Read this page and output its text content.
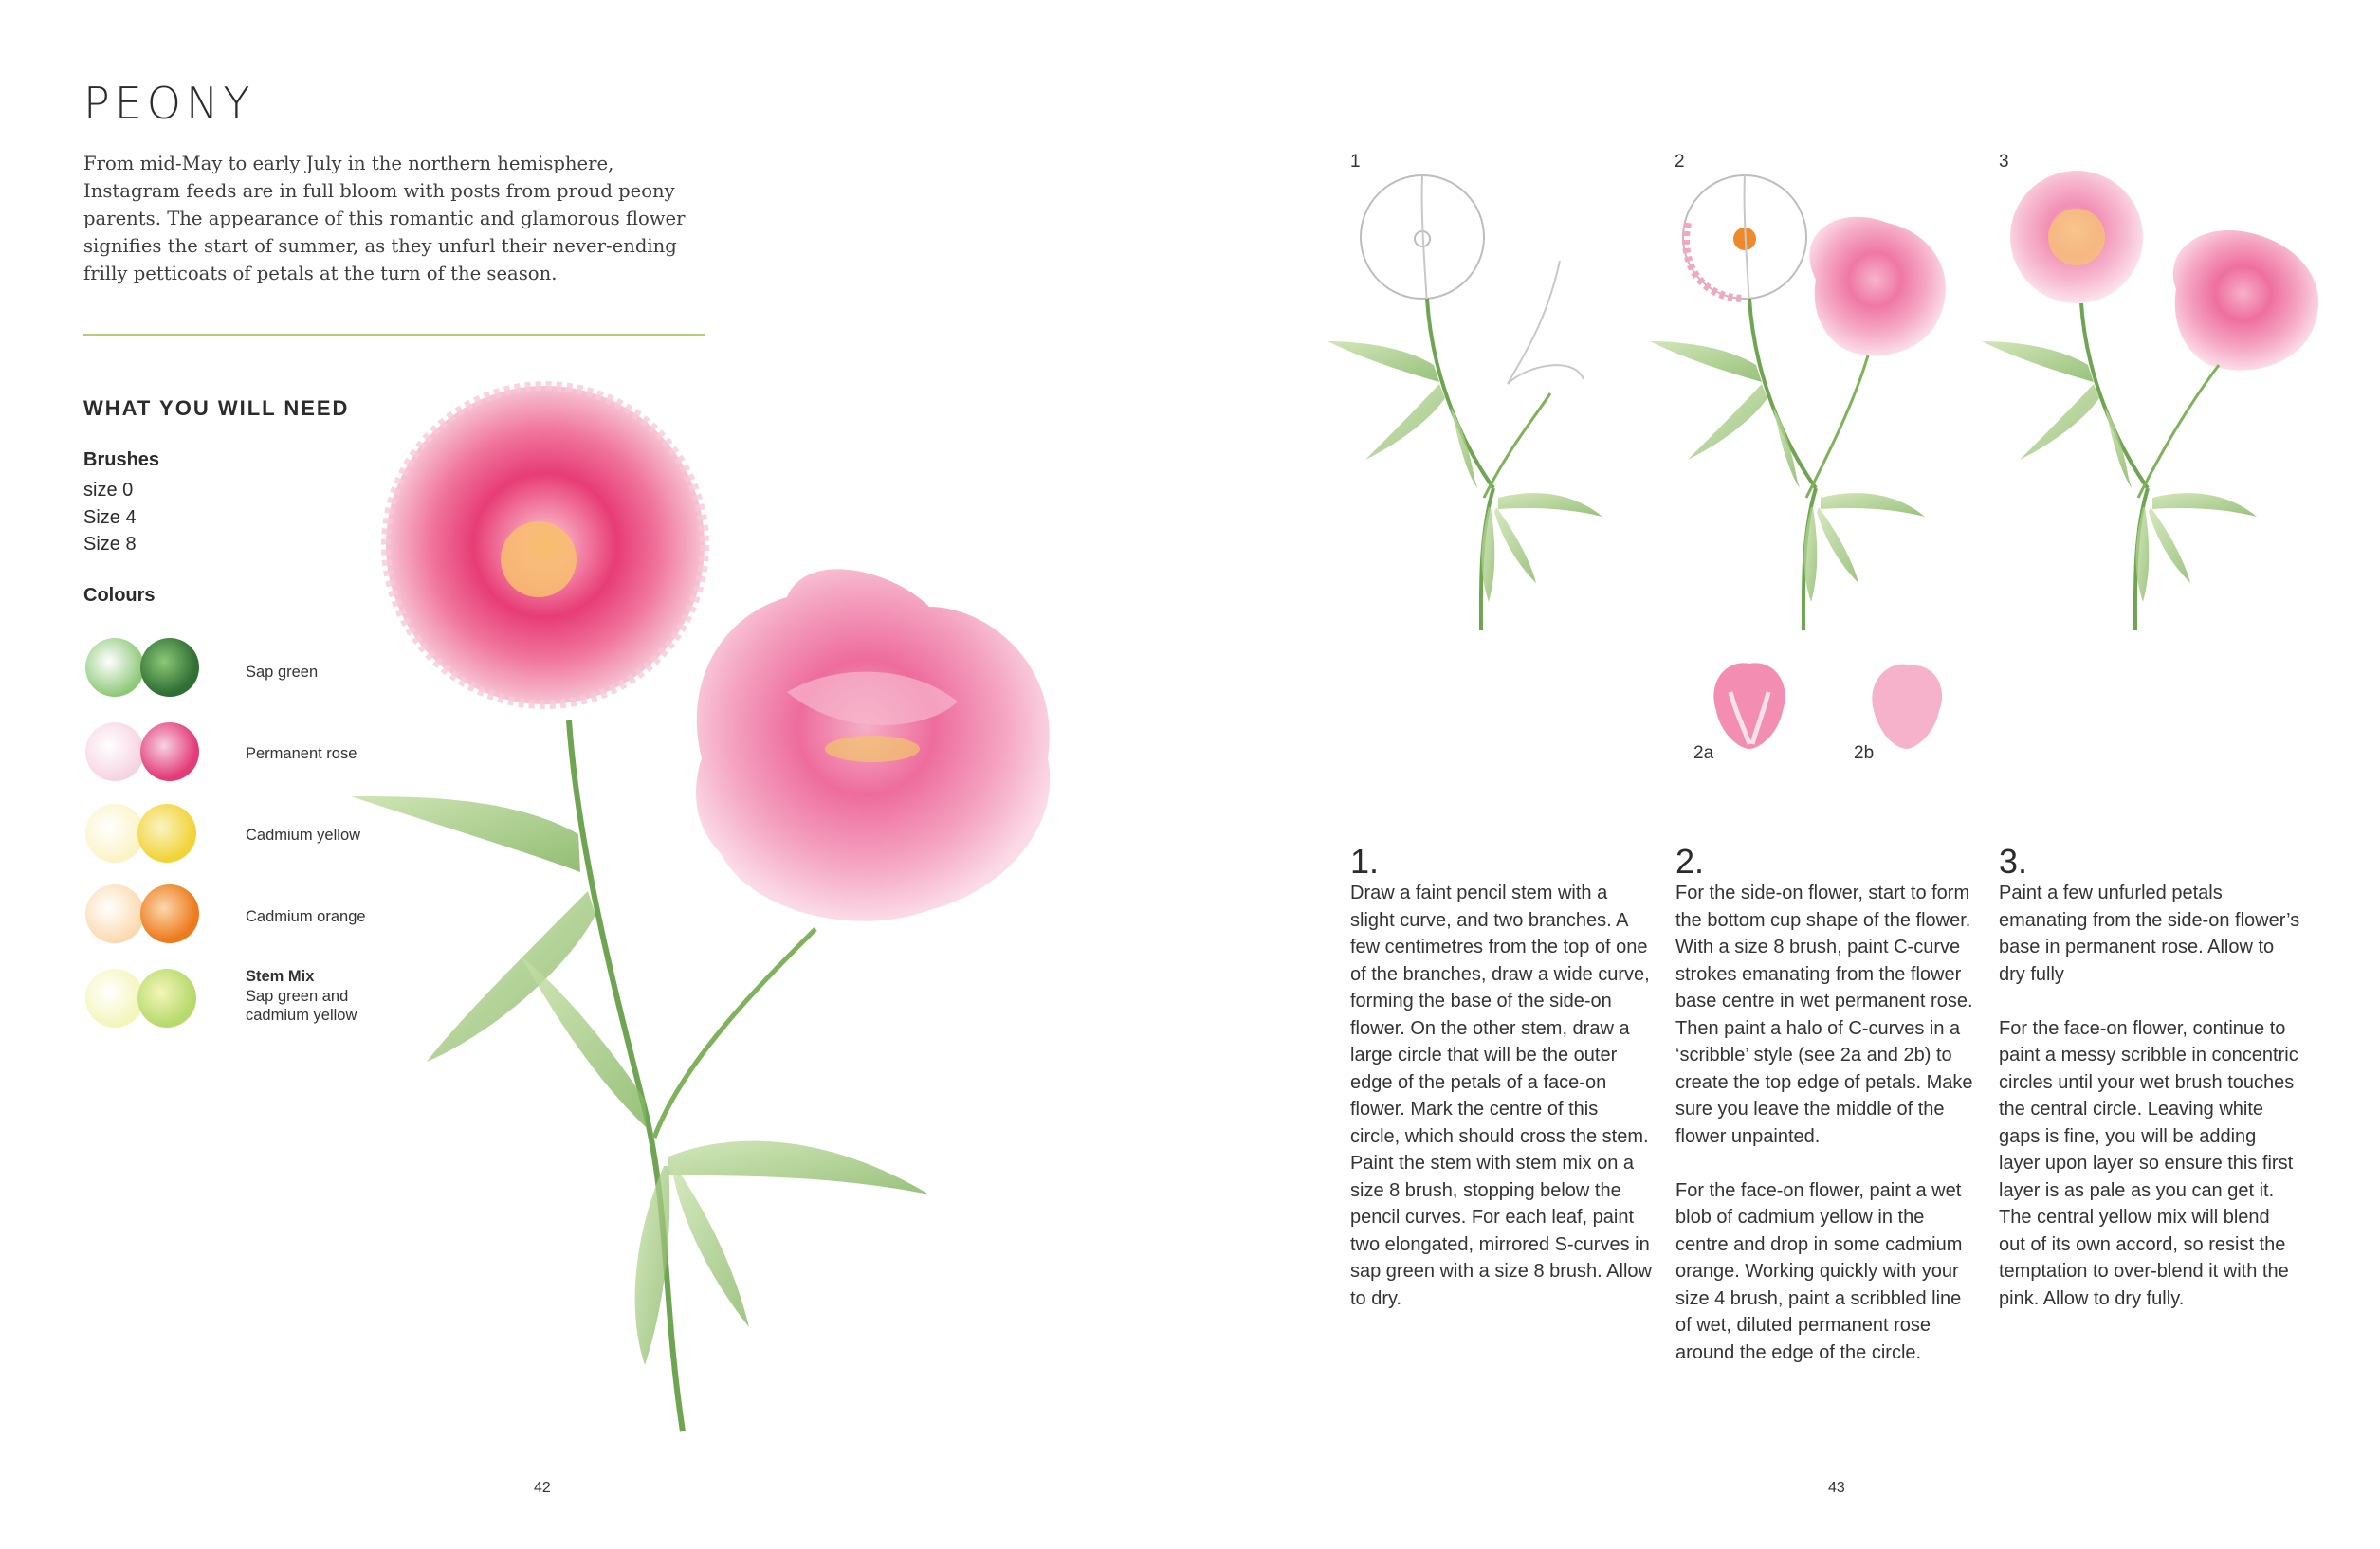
PEONY
From mid-May to early July in the northern hemisphere, Instagram feeds are in full bloom with posts from proud peony parents. The appearance of this romantic and glamorous flower signifies the start of summer, as they unfurl their never-ending frilly petticoats of petals at the turn of the season.
WHAT YOU WILL NEED
Brushes
size 0
Size 4
Size 8
Colours
Sap green
Permanent rose
Cadmium yellow
Cadmium orange
Stem Mix
Sap green and cadmium yellow
42
1	2	3
2a	2b
1.

Draw a faint pencil stem with a slight curve, and two branches. A few centimetres from the top of one of the branches, draw a wide curve, forming the base of the side-on flower. On the other stem, draw a large circle that will be the outer edge of the petals of a face-on flower. Mark the centre of this circle, which should cross the stem. Paint the stem with stem mix on a size 8 brush, stopping below the pencil curves. For each leaf, paint two elongated, mirrored S-curves in sap green with a size 8 brush. Allow to dry.

2.

For the side-on flower, start to form the bottom cup shape of the flower. With a size 8 brush, paint C-curve strokes emanating from the flower base centre in wet permanent rose. Then paint a halo of C-curves in a ‘scribble’ style (see 2a and 2b) to create the top edge of petals. Make sure you leave the middle of the flower unpainted.

For the face-on flower, paint a wet blob of cadmium yellow in the centre and drop in some cadmium orange. Working quickly with your size 4 brush, paint a scribbled line of wet, diluted permanent rose around the edge of the circle.

3.

Paint a few unfurled petals emanating from the side-on flower’s base in permanent rose. Allow to dry fully

For the face-on flower, continue to paint a messy scribble in concentric circles until your wet brush touches the central circle. Leaving white gaps is fine, you will be adding layer upon layer so ensure this first layer is as pale as you can get it. The central yellow mix will blend out of its own accord, so resist the temptation to over-blend it with the pink. Allow to dry fully.

43
